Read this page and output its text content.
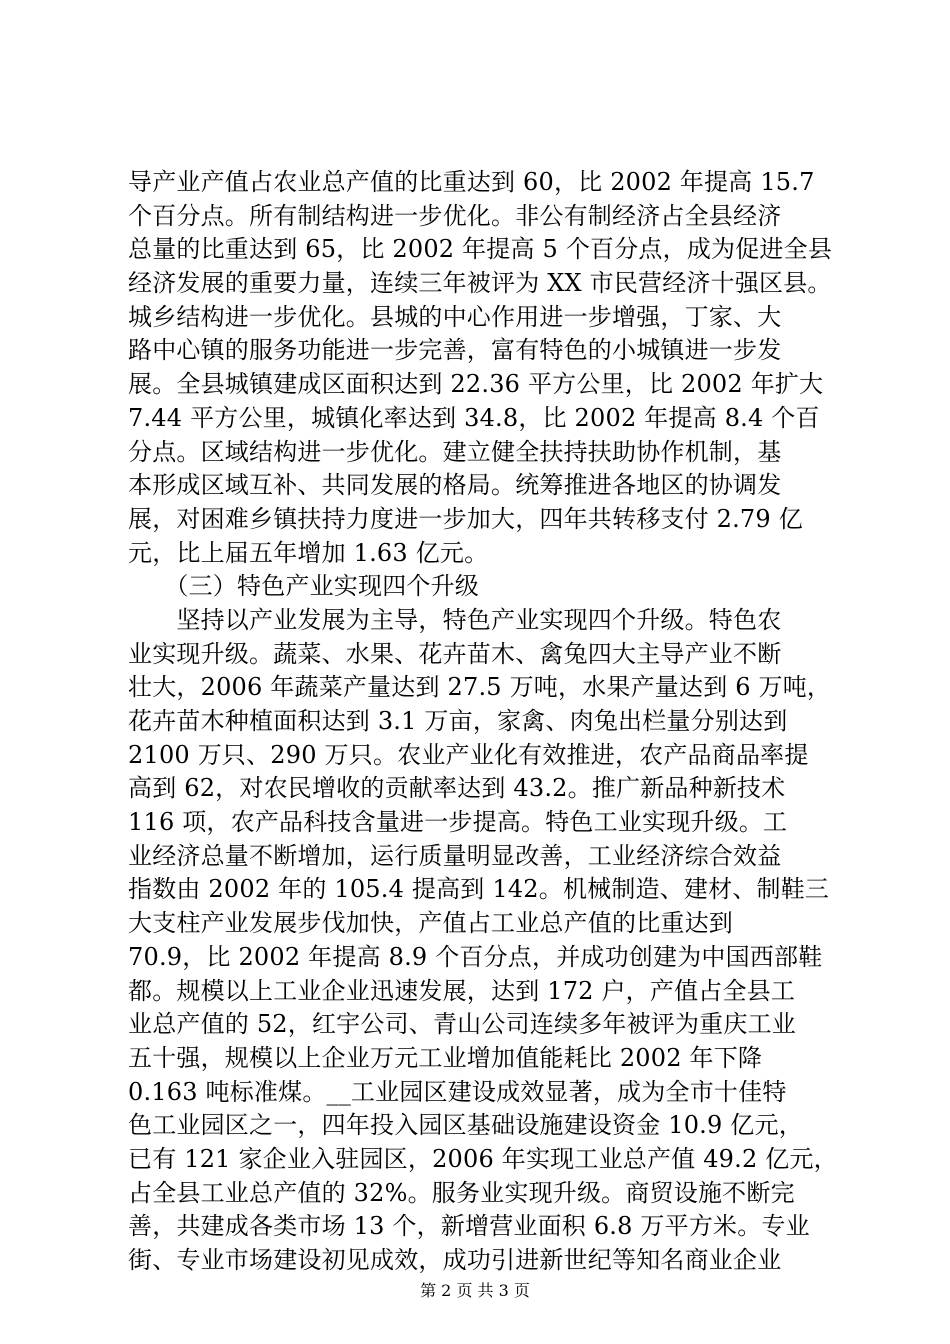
导产业产值占农业总产值的比重达到 60，比 2002 年提高 15.7
个百分点。所有制结构进一步优化。非公有制经济占全县经济
总量的比重达到 65，比 2002 年提高 5 个百分点，成为促进全县
经济发展的重要力量，连续三年被评为 XX 市民营经济十强区县。
城乡结构进一步优化。县城的中心作用进一步增强，丁家、大
路中心镇的服务功能进一步完善，富有特色的小城镇进一步发
展。全县城镇建成区面积达到 22.36 平方公里，比 2002 年扩大
7.44 平方公里，城镇化率达到 34.8，比 2002 年提高 8.4 个百
分点。区域结构进一步优化。建立健全扶持扶助协作机制，基
本形成区域互补、共同发展的格局。统筹推进各地区的协调发
展，对困难乡镇扶持力度进一步加大，四年共转移支付 2.79 亿
元，比上届五年增加 1.63 亿元。
　　（三）特色产业实现四个升级
　　坚持以产业发展为主导，特色产业实现四个升级。特色农
业实现升级。蔬菜、水果、花卉苗木、禽兔四大主导产业不断
壮大，2006 年蔬菜产量达到 27.5 万吨，水果产量达到 6 万吨，
花卉苗木种植面积达到 3.1 万亩，家禽、肉兔出栏量分别达到
2100 万只、290 万只。农业产业化有效推进，农产品商品率提
高到 62，对农民增收的贡献率达到 43.2。推广新品种新技术
116 项，农产品科技含量进一步提高。特色工业实现升级。工
业经济总量不断增加，运行质量明显改善，工业经济综合效益
指数由 2002 年的 105.4 提高到 142。机械制造、建材、制鞋三
大支柱产业发展步伐加快，产值占工业总产值的比重达到
70.9，比 2002 年提高 8.9 个百分点，并成功创建为中国西部鞋
都。规模以上工业企业迅速发展，达到 172 户，产值占全县工
业总产值的 52，红宇公司、青山公司连续多年被评为重庆工业
五十强，规模以上企业万元工业增加值能耗比 2002 年下降
0.163 吨标准煤。__工业园区建设成效显著，成为全市十佳特
色工业园区之一，四年投入园区基础设施建设资金 10.9 亿元，
已有 121 家企业入驻园区，2006 年实现工业总产值 49.2 亿元，
占全县工业总产值的 32%。服务业实现升级。商贸设施不断完
善，共建成各类市场 13 个，新增营业面积 6.8 万平方米。专业
街、专业市场建设初见成效，成功引进新世纪等知名商业企业
第 2 页 共 3 页
